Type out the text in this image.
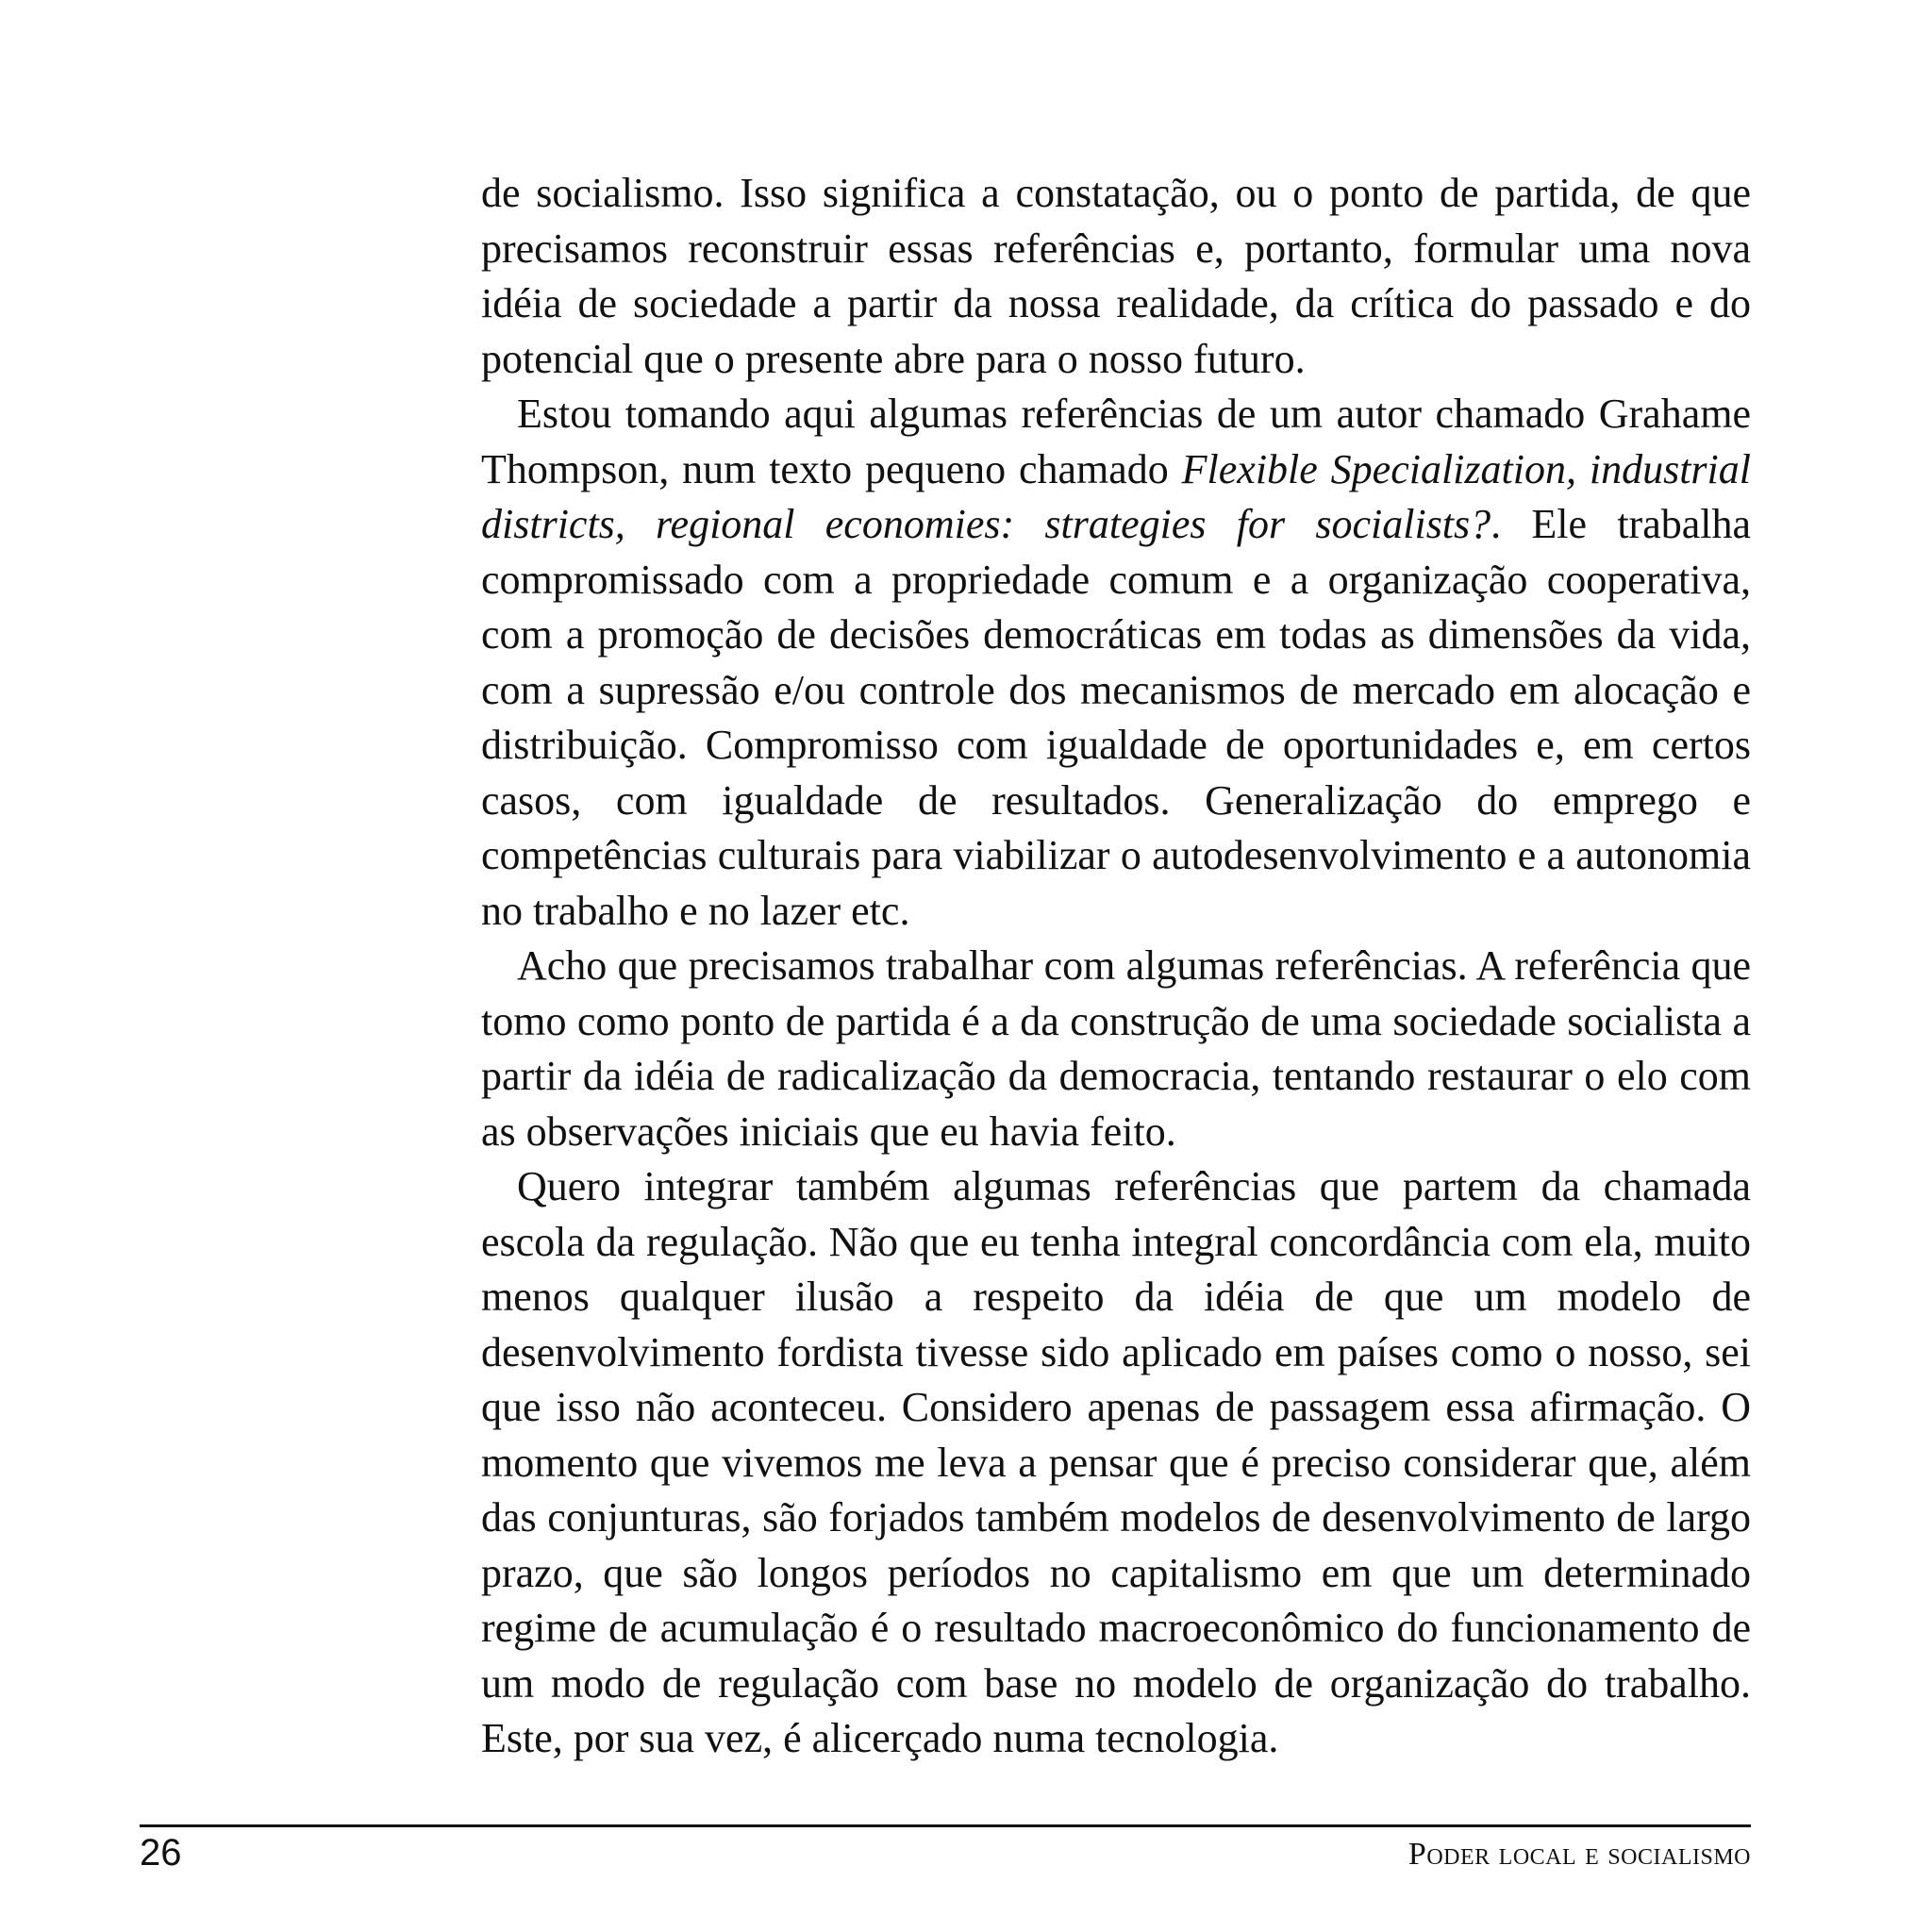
de socialismo. Isso significa a constatação, ou o ponto de partida, de que precisamos reconstruir essas referências e, portanto, formular uma nova idéia de sociedade a partir da nossa realidade, da crítica do passado e do potencial que o presente abre para o nosso futuro.

Estou tomando aqui algumas referências de um autor chamado Grahame Thompson, num texto pequeno chamado Flexible Specialization, industrial districts, regional economies: strategies for socialists?. Ele trabalha compromissado com a propriedade comum e a organização cooperativa, com a promoção de decisões democráticas em todas as dimensões da vida, com a supressão e/ou controle dos mecanismos de mercado em alocação e distribuição. Compromisso com igualdade de oportunidades e, em certos casos, com igualdade de resultados. Generalização do emprego e competências culturais para viabilizar o autodesenvolvimento e a autonomia no trabalho e no lazer etc.

Acho que precisamos trabalhar com algumas referências. A referência que tomo como ponto de partida é a da construção de uma sociedade socialista a partir da idéia de radicalização da democracia, tentando restaurar o elo com as observações iniciais que eu havia feito.

Quero integrar também algumas referências que partem da chamada escola da regulação. Não que eu tenha integral concordância com ela, muito menos qualquer ilusão a respeito da idéia de que um modelo de desenvolvimento fordista tivesse sido aplicado em países como o nosso, sei que isso não aconteceu. Considero apenas de passagem essa afirmação. O momento que vivemos me leva a pensar que é preciso considerar que, além das conjunturas, são forjados também modelos de desenvolvimento de largo prazo, que são longos períodos no capitalismo em que um determinado regime de acumulação é o resultado macroeconômico do funcionamento de um modo de regulação com base no modelo de organização do trabalho. Este, por sua vez, é alicerçado numa tecnologia.

26	Poder local e socialismo
